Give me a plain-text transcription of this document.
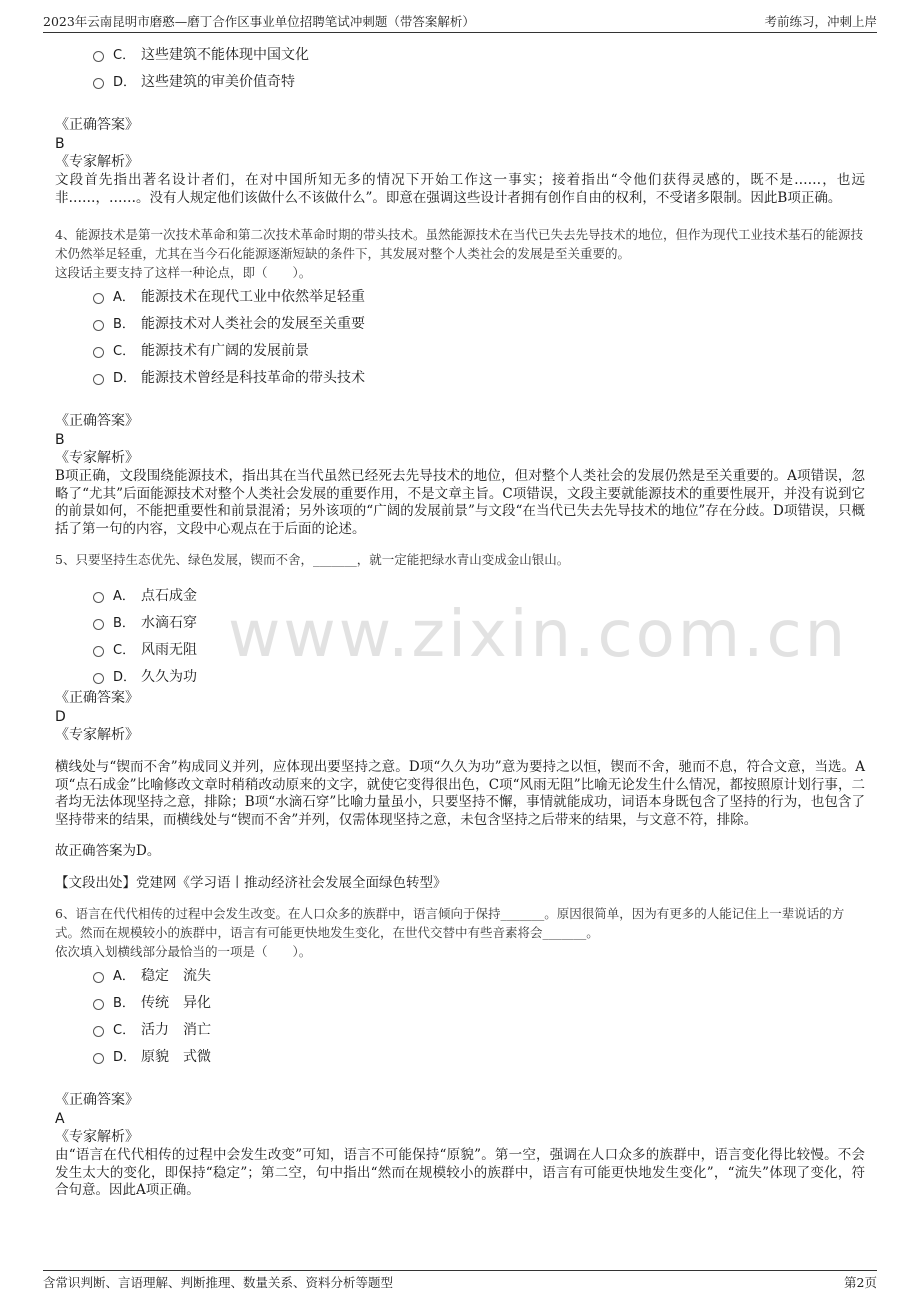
2023年云南昆明市磨憨—磨丁合作区事业单位招聘笔试冲刺题（带答案解析）	考前练习，冲刺上岸
www.zixin.com.cn
C． 这些建筑不能体现中国文化
D． 这些建筑的审美价值奇特
《正确答案》
B
《专家解析》
文段首先指出著名设计者们，在对中国所知无多的情况下开始工作这一事实；接着指出“令他们获得灵感的，既不是……，也远非……，……。没有人规定他们该做什么不该做什么”。即意在强调这些设计者拥有创作自由的权利，不受诸多限制。因此B项正确。
4、能源技术是第一次技术革命和第二次技术革命时期的带头技术。虽然能源技术在当代已失去先导技术的地位，但作为现代工业技术基石的能源技术仍然举足轻重，尤其在当今石化能源逐渐短缺的条件下，其发展对整个人类社会的发展是至关重要的。
这段话主要支持了这样一种论点，即（　　）。
A． 能源技术在现代工业中依然举足轻重
B． 能源技术对人类社会的发展至关重要
C． 能源技术有广阔的发展前景
D． 能源技术曾经是科技革命的带头技术
《正确答案》
B
《专家解析》
B项正确，文段围绕能源技术，指出其在当代虽然已经死去先导技术的地位，但对整个人类社会的发展仍然是至关重要的。A项错误，忽略了“尤其”后面能源技术对整个人类社会发展的重要作用，不是文章主旨。C项错误，文段主要就能源技术的重要性展开，并没有说到它的前景如何，不能把重要性和前景混淆；另外该项的“广阔的发展前景”与文段“在当代已失去先导技术的地位”存在分歧。D项错误，只概括了第一句的内容，文段中心观点在于后面的论述。
5、只要坚持生态优先、绿色发展，锲而不舍，_______，就一定能把绿水青山变成金山银山。
A． 点石成金
B． 水滴石穿
C． 风雨无阻
D． 久久为功
《正确答案》
D
《专家解析》
横线处与“锲而不舍”构成同义并列，应体现出要坚持之意。D项“久久为功”意为要持之以恒，锲而不舍，驰而不息，符合文意，当选。A项“点石成金”比喻修改文章时稍稍改动原来的文字，就使它变得很出色，C项“风雨无阻”比喻无论发生什么情况，都按照原计划行事，二者均无法体现坚持之意，排除；B项“水滴石穿”比喻力量虽小，只要坚持不懈，事情就能成功，词语本身既包含了坚持的行为，也包含了坚持带来的结果，而横线处与“锲而不舍”并列，仅需体现坚持之意，未包含坚持之后带来的结果，与文意不符，排除。
故正确答案为D。
【文段出处】党建网《学习语丨推动经济社会发展全面绿色转型》
6、语言在代代相传的过程中会发生改变。在人口众多的族群中，语言倾向于保持_______。原因很简单，因为有更多的人能记住上一辈说话的方式。然而在规模较小的族群中，语言有可能更快地发生变化，在世代交替中有些音素将会_______。
依次填入划横线部分最恰当的一项是（　　）。
A． 稳定　流失
B． 传统　异化
C． 活力　消亡
D． 原貌　式微
《正确答案》
A
《专家解析》
由“语言在代代相传的过程中会发生改变”可知，语言不可能保持“原貌”。第一空，强调在人口众多的族群中，语言变化得比较慢。不会发生太大的变化，即保持“稳定”；第二空，句中指出“然而在规模较小的族群中，语言有可能更快地发生变化”，“流失”体现了变化，符合句意。因此A项正确。
含常识判断、言语理解、判断推理、数量关系、资料分析等题型	第2页
